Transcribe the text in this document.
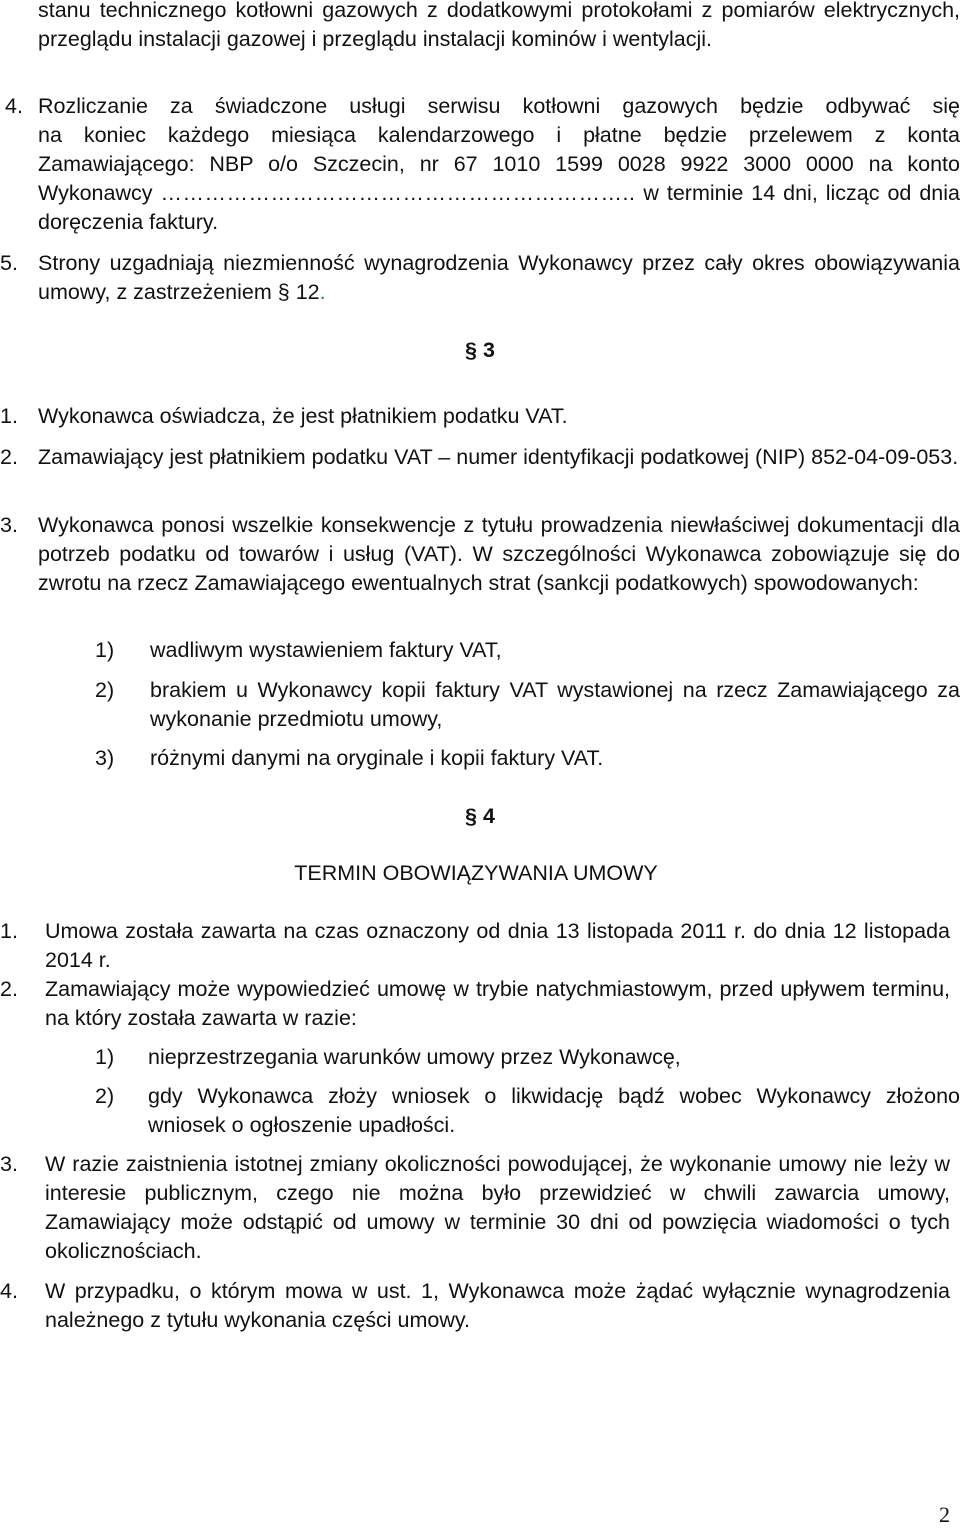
stanu technicznego kotłowni gazowych z dodatkowymi protokołami z pomiarów elektrycznych, przeglądu instalacji gazowej i przeglądu instalacji kominów i wentylacji.
4. Rozliczanie za świadczone usługi serwisu kotłowni gazowych będzie odbywać się
na koniec każdego miesiąca kalendarzowego i płatne będzie przelewem z konta Zamawiającego: NBP o/o Szczecin, nr 67 1010 1599 0028 9922 3000 0000 na konto Wykonawcy ……………………………………………………….. w terminie 14 dni, licząc od dnia doręczenia faktury.
5. Strony uzgadniają niezmienność wynagrodzenia Wykonawcy przez cały okres obowiązywania umowy, z zastrzeżeniem § 12.
§ 3
1. Wykonawca oświadcza, że jest płatnikiem podatku VAT.
2. Zamawiający jest płatnikiem podatku VAT – numer identyfikacji podatkowej (NIP) 852-04-09-053.
3. Wykonawca ponosi wszelkie konsekwencje z tytułu prowadzenia niewłaściwej dokumentacji dla potrzeb podatku od towarów i usług (VAT). W szczególności Wykonawca zobowiązuje się do zwrotu na rzecz Zamawiającego ewentualnych strat (sankcji podatkowych) spowodowanych:
1) wadliwym wystawieniem faktury VAT,
2) brakiem u Wykonawcy kopii faktury VAT wystawionej na rzecz Zamawiającego za wykonanie przedmiotu umowy,
3) różnymi danymi na oryginale i kopii faktury VAT.
§ 4
TERMIN OBOWIĄZYWANIA UMOWY
1.	Umowa została zawarta na czas oznaczony od dnia 13 listopada 2011 r. do dnia 12 listopada 2014 r.
2.	Zamawiający może wypowiedzieć umowę w trybie natychmiastowym, przed upływem terminu, na który została zawarta w razie:
1) nieprzestrzegania warunków umowy przez Wykonawcę,
2) gdy Wykonawca złoży wniosek o likwidację bądź wobec Wykonawcy złożono wniosek o ogłoszenie upadłości.
3.	W razie zaistnienia istotnej zmiany okoliczności powodującej, że wykonanie umowy nie leży w interesie publicznym, czego nie można było przewidzieć w chwili zawarcia umowy, Zamawiający może odstąpić od umowy w terminie 30 dni od powzięcia wiadomości o tych okolicznościach.
4.	W przypadku, o którym mowa w ust. 1, Wykonawca może żądać wyłącznie wynagrodzenia należnego z tytułu wykonania części umowy.
2
